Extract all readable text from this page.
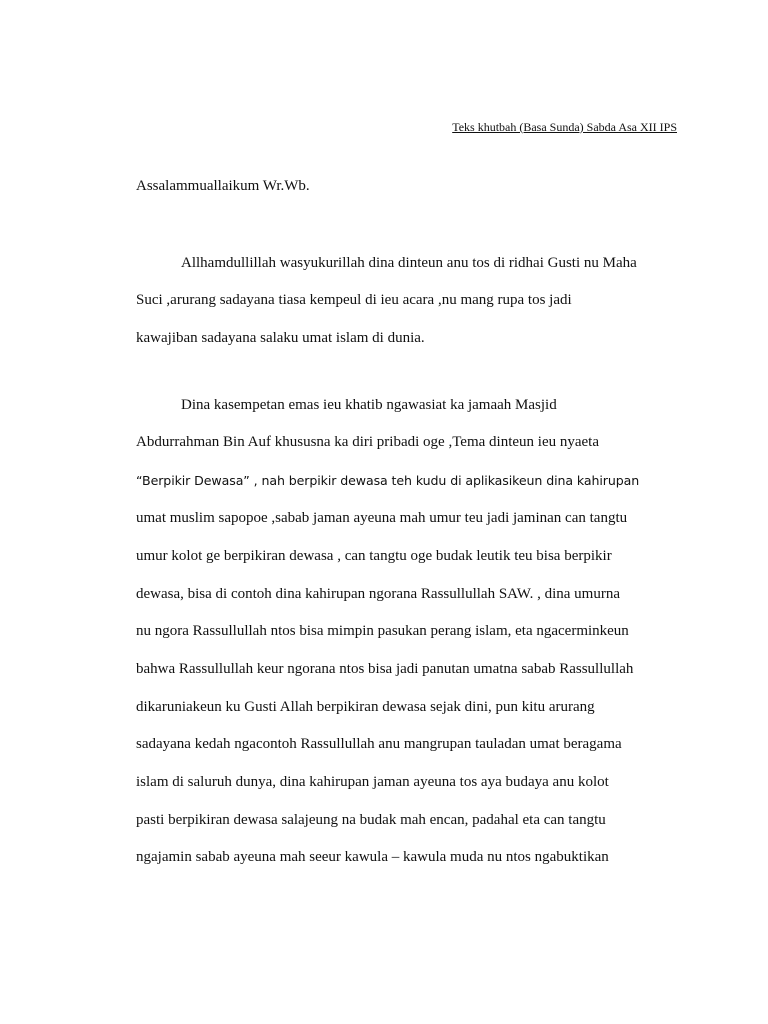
Teks khutbah (Basa Sunda) Sabda Asa XII IPS
Assalammuallaikum Wr.Wb.
Allhamdullillah wasyukurillah dina dinteun anu tos di ridhai Gusti nu Maha
Suci ,arurang sadayana tiasa kempeul di ieu acara ,nu mang rupa tos jadi
kawajiban sadayana salaku umat islam di dunia.
Dina kasempetan emas ieu khatib ngawasiat ka jamaah Masjid
Abdurrahman Bin Auf khususna ka diri pribadi oge ,Tema dinteun ieu nyaeta
“Berpikir Dewasa” , nah berpikir dewasa teh kudu di aplikasikeun dina kahirupan
umat muslim sapopoe ,sabab jaman ayeuna mah umur teu jadi jaminan can tangtu
umur kolot ge berpikiran dewasa , can tangtu oge budak leutik teu bisa berpikir
dewasa, bisa di contoh dina kahirupan ngorana Rassullullah SAW. , dina umurna
nu ngora Rassullullah ntos bisa mimpin pasukan perang islam, eta ngacerminkeun
bahwa Rassullullah keur ngorana ntos bisa jadi panutan umatna sabab Rassullullah
dikaruniakeun ku Gusti Allah berpikiran dewasa sejak dini, pun kitu arurang
sadayana kedah ngacontoh Rassullullah anu mangrupan tauladan umat beragama
islam di saluruh dunya, dina kahirupan jaman ayeuna tos aya budaya anu kolot
pasti berpikiran dewasa salajeung na budak mah encan, padahal eta can tangtu
ngajamin sabab ayeuna mah seeur kawula – kawula muda nu ntos ngabuktikan
